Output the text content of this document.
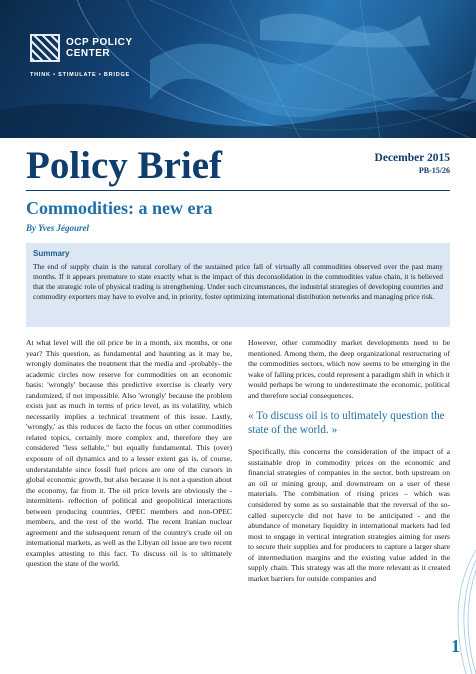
OCP POLICY
CENTER
THINK • STIMULATE • BRIDGE
Policy Brief	December 2015
PB-15/26
Commodities: a new era
By Yves Jégourel
Summary
The end of supply chain is the natural corollary of the sustained price fall of virtually all commodities observed over the past many months. If it appears premature to state exactly what is the impact of this deconsolidation in the commodities value chain, it is believed that the strategic role of physical trading is strengthening. Under such circumstances, the industrial strategies of developing countries and commodity exporters may have to evolve and, in priority, foster optimizing international distribution networks and managing price risk.
At what level will the oil price be in a month, six months, or one year? This question, as fundamental and haunting as it may be, wrongly dominates the treatment that the media and -probably- the academic circles now reserve for commodities on an economic basis: 'wrongly' because this predictive exercise is clearly very randomized, if not impossible. Also 'wrongly' because the problem exists just as much in terms of price level, as its volatility, which necessarily implies a technical treatment of this issue. Lastly, 'wrongly,' as this reduces de facto the focus on other commodities related topics, certainly more complex and, therefore they are considered "less sellable," but equally fundamental. This (over) exposure of oil dynamics and to a lesser extent gas is, of course, understandable since fossil fuel prices are one of the cursors in global economic growth, but also because it is not a question about the economy, far from it. The oil price levels are obviously the -intermittent- reflection of political and geopolitical interactions between producing countries, OPEC members and non-OPEC members, and the rest of the world. The recent Iranian nuclear agreement and the subsequent return of the country's crude oil on international markets, as well as the Libyan oil issue are two recent examples attesting to this fact. To discuss oil is to ultimately question the state of the world.
However, other commodity market developments need to be mentioned. Among them, the deep organizational restructuring of the commodities sectors, which now seems to be emerging in the wake of falling prices, could represent a paradigm shift in which it would perhaps be wrong to underestimate the economic, political and therefore social consequences.
« To discuss oil is to ultimately question the state of the world. »
Specifically, this concerns the consideration of the impact of a sustainable drop in commodity prices on the economic and financial strategies of companies in the sector, both upstream on an oil or mining group, and downstream on a user of these materials. The combination of rising prices – which was considered by some as so sustainable that the reversal of the so-called supercycle did not have to be anticipated - and the abundance of monetary liquidity in international markets had led most to engage in vertical integration strategies aiming for users to secure their supplies and for producers to capture a larger share of intermediation margins and the existing value added in the supply chain. This strategy was all the more relevant as it created market barriers for outside companies and
1
